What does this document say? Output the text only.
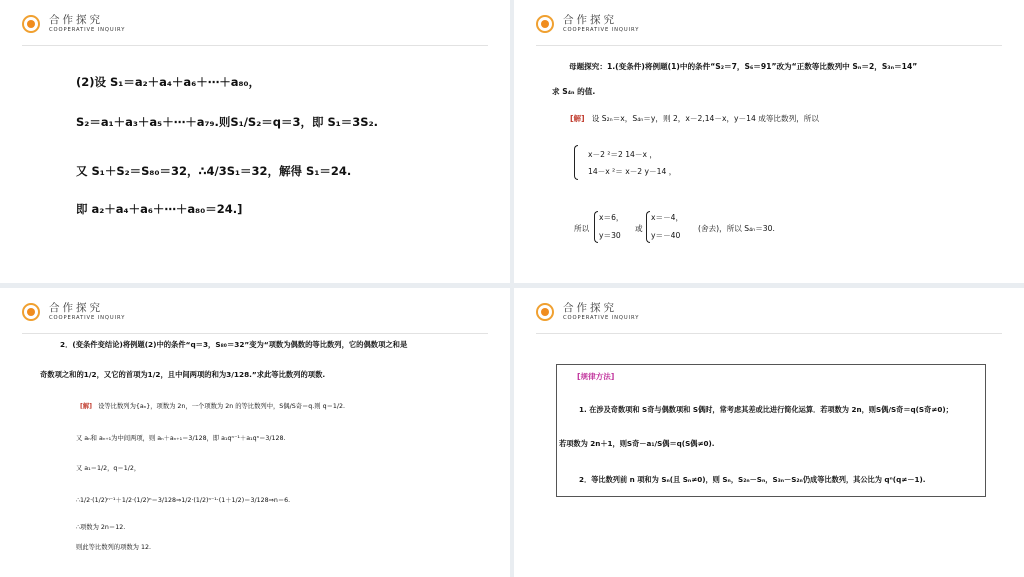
合作探究
COOPERATIVE INQUIRY
(2)设 S₁＝a₂＋a₄＋a₆＋⋯＋a₈₀，
S₂＝a₁＋a₃＋a₅＋⋯＋a₇₉.则S₁/S₂＝q＝3，即 S₁＝3S₂.
又 S₁＋S₂＝S₈₀＝32，∴4/3S₁＝32，解得 S₁＝24.
即 a₂＋a₄＋a₆＋⋯＋a₈₀＝24.]
合作探究
COOPERATIVE INQUIRY
母题探究：1.(变条件)将例题(1)中的条件“S₂＝7，S₆＝91”改为“正数等比数列中 Sₙ＝2，S₃ₙ＝14”
求 S₄ₙ 的值.
[解] 设 S₂ₙ＝x，S₄ₙ＝y，则 2，x－2,14－x，y－14 成等比数列，所以
x－2 ²＝2 14－x ，
14－x ²＝ x－2 y－14 ，
所以
x＝6，
y＝30
或
x＝－4，
y＝－40
(舍去)，所以 S₄ₙ＝30.
合作探究
COOPERATIVE INQUIRY
2．(变条件变结论)将例题(2)中的条件“q＝3，S₈₀＝32”变为“项数为偶数的等比数列，它的偶数项之和是
奇数项之和的1/2，又它的首项为1/2，且中间两项的和为3/128.”求此等比数列的项数.
[解] 设等比数列为{aₙ}，项数为 2n，一个项数为 2n 的等比数列中，S偶/S奇＝q.则 q＝1/2.
又 aₙ和 aₙ₊₁为中间两项，则 aₙ＋aₙ₊₁＝3/128，即 a₁qⁿ⁻¹＋a₁qⁿ＝3/128.
又 a₁＝1/2，q＝1/2，
∴1/2·(1/2)ⁿ⁻¹＋1/2·(1/2)ⁿ＝3/128⇒1/2·(1/2)ⁿ⁻¹·(1＋1/2)＝3/128⇒n＝6.
∴项数为 2n＝12.
则此等比数列的项数为 12.
合作探究
COOPERATIVE INQUIRY
[规律方法]
1. 在涉及奇数项和 S奇与偶数项和 S偶时，常考虑其差或比进行简化运算．若项数为 2n，则S偶/S奇＝q(S奇≠0)；
若项数为 2n＋1，则S奇－a₁/S偶＝q(S偶≠0).
2．等比数列前 n 项和为 Sₙ(且 Sₙ≠0)，则 Sₙ，S₂ₙ－Sₙ，S₃ₙ－S₂ₙ仍成等比数列，其公比为 qⁿ(q≠－1).
